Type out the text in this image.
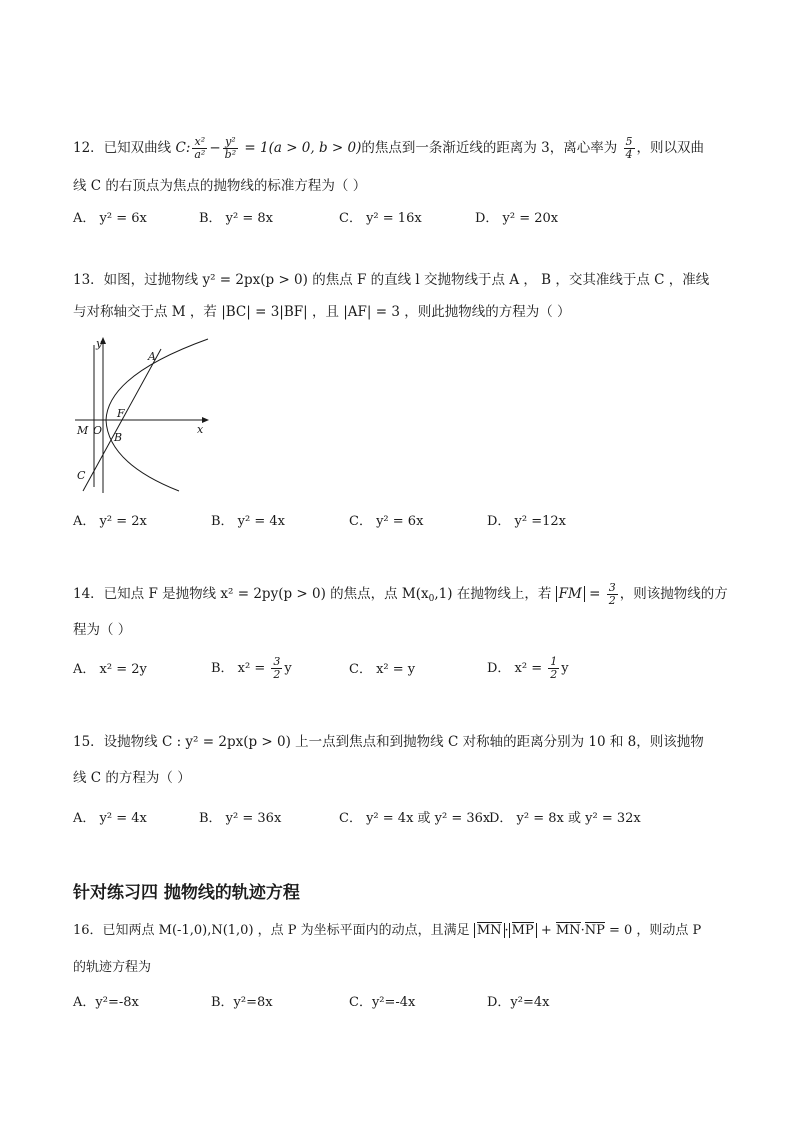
12．已知双曲线 C: $\frac{\text{x²}}{\text{a²}} - \frac{\text{y²}}{\text{b²}} = 1(a > 0$, b > 0)的焦点到一条渐近线的距离为 3，离心率为 $\frac{5}{4}$ ，则以双曲
线 C 的右顶点为焦点的抛物线的标准方程为（ ）
A． y² = 6x	B． y² = 8x	C． y² = 16x	D． y² = 20x
13．如图，过抛物线 y² = 2px(p > 0) 的焦点 F 的直线 l 交抛物线于点 A ， B ，交其准线于点 C ，准线
与对称轴交于点 M ，若 |BC| = 3|BF| ，且 |AF| = 3 ，则此抛物线的方程为（ ）
y
x
A
F
M O
B
C
A． y² = 2x	B． y² = 4x	C． y² = 6x	D． y² =12x
14．已知点 F 是抛物线 x² = 2py(p > 0) 的焦点，点 $M(x_0,1)$ 在抛物线上，若 FM = $\frac{3}{2}$ ，则该抛物线的方
程为（ ）
A． x² = 2y	B． $x^2 = \frac{3}{2}$ y	C． x² = y	D． $x^2 = \frac{1}{2}$ y
15．设抛物线 C : y² = 2px(p > 0) 上一点到焦点和到抛物线 C 对称轴的距离分别为 10 和 8，则该抛物
线 C 的方程为（ ）
A． y² = 4x	B． y² = 36x	C． y² = 4x 或 y² = 36x
D． y² = 8x 或 y² = 32x
针对练习四 抛物线的轨迹方程
16．已知两点 M(-1,0),N(1,0) ，点 P 为坐标平面内的动点，且满足 MN · MP + MN·NP = 0 ，则动点 P
的轨迹方程为
A．y²=-8x	B．y²=8x	C．y²=-4x	D．y²=4x
